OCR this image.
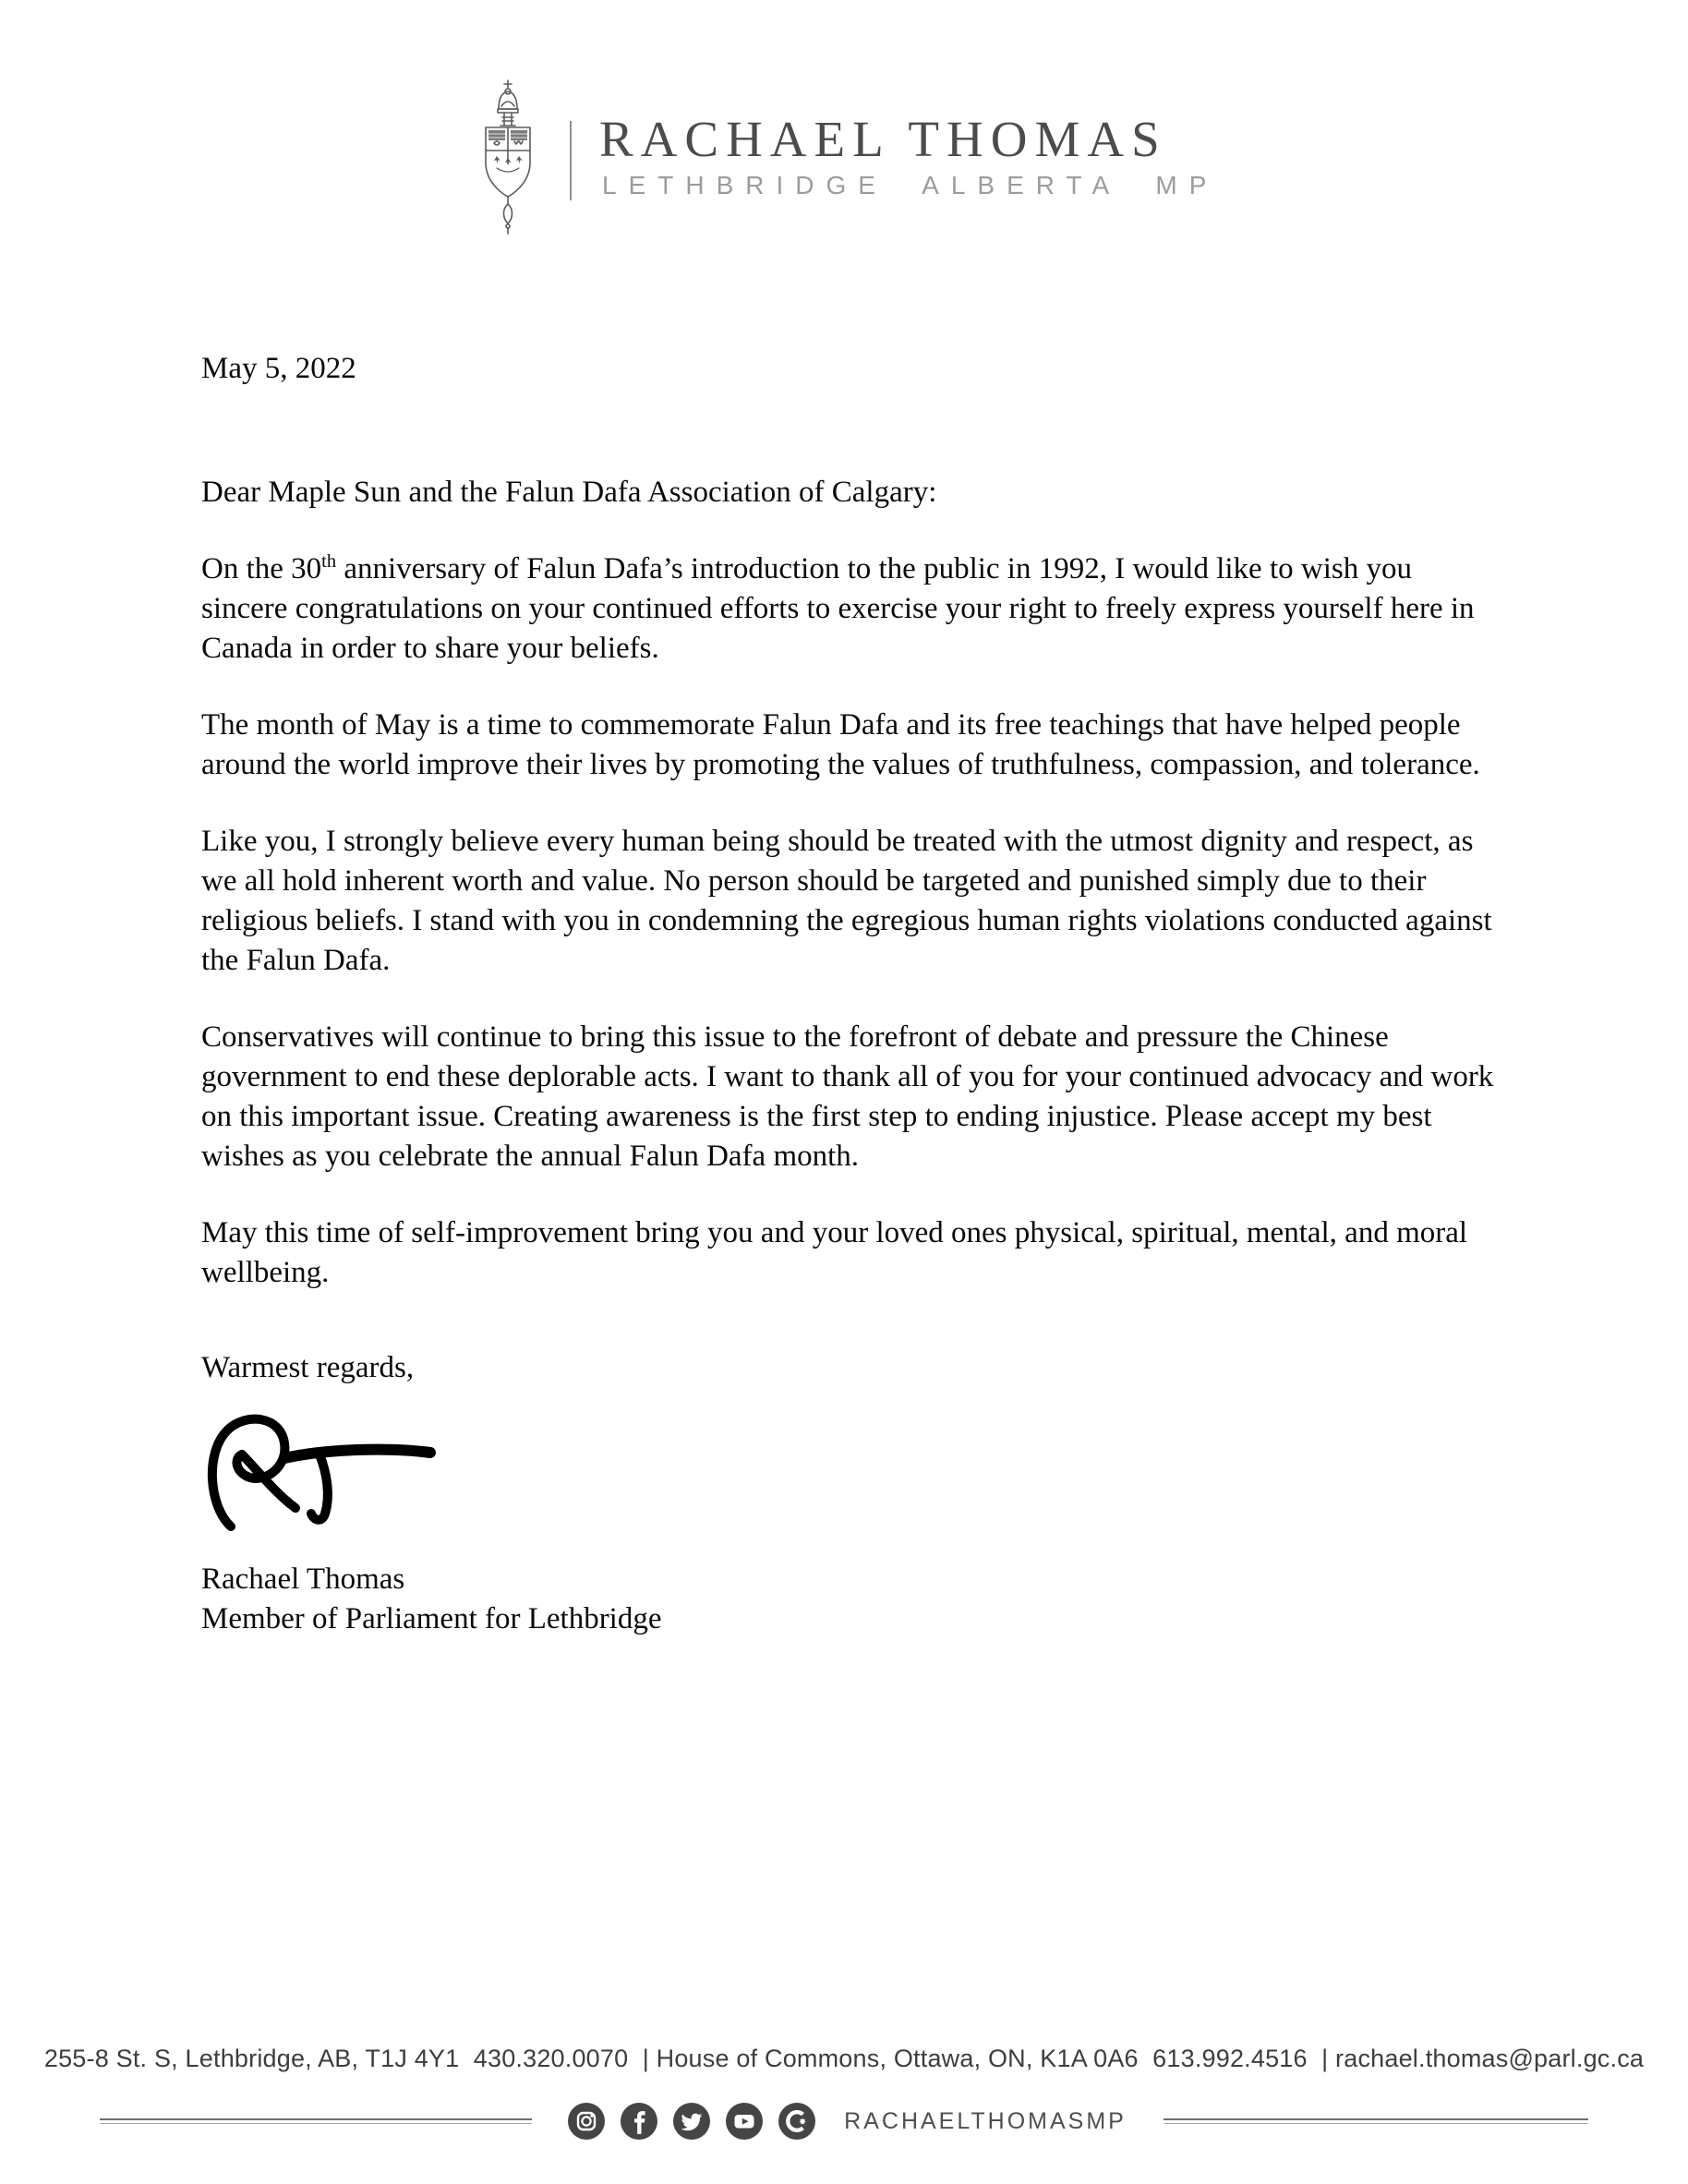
RACHAEL THOMAS
LETHBRIDGE ALBERTA MP

May 5, 2022

Dear Maple Sun and the Falun Dafa Association of Calgary:

On the 30th anniversary of Falun Dafa’s introduction to the public in 1992, I would like to wish you sincere congratulations on your continued efforts to exercise your right to freely express yourself here in Canada in order to share your beliefs.

The month of May is a time to commemorate Falun Dafa and its free teachings that have helped people around the world improve their lives by promoting the values of truthfulness, compassion, and tolerance.

Like you, I strongly believe every human being should be treated with the utmost dignity and respect, as we all hold inherent worth and value. No person should be targeted and punished simply due to their religious beliefs. I stand with you in condemning the egregious human rights violations conducted against the Falun Dafa.

Conservatives will continue to bring this issue to the forefront of debate and pressure the Chinese government to end these deplorable acts. I want to thank all of you for your continued advocacy and work on this important issue. Creating awareness is the first step to ending injustice. Please accept my best wishes as you celebrate the annual Falun Dafa month.

May this time of self-improvement bring you and your loved ones physical, spiritual, mental, and moral wellbeing.

Warmest regards,

Rachael Thomas

Member of Parliament for Lethbridge

255-8 St. S, Lethbridge, AB, T1J 4Y1  430.320.0070  | House of Commons, Ottawa, ON, K1A 0A6  613.992.4516  | rachael.thomas@parl.gc.ca
RACHAELTHOMASMP
